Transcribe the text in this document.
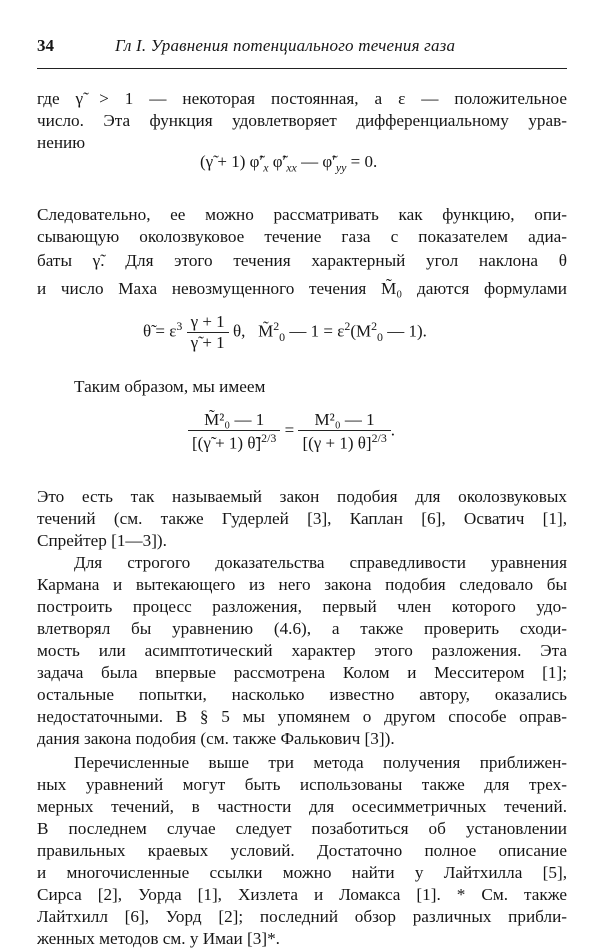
34	Гл I. Уравнения потенциального течения газа
где γ̃ > 1 — некоторая постоянная, а ε — положительное
число. Эта функция удовлетворяет дифференциальному урав-
нению
(γ̃ + 1) $\varphĩ'_x$ $\varphĩ'_{xx}$ — $\varphĩ'_{yy} = 0$.
Следовательно, ее можно рассматривать как функцию, опи-
сывающую околозвуковое течение газа с показателем адиа-
баты γ̃. Для этого течения характерный угол наклона θ̃
и число Маха невозмущенного течения M̃₀ даются формулами
θ̃ = $\varepsilon^3 \frac{\gamma + 1}{\gammã + 1} \theta$, M̃$^2_0$ — $1 = \varepsilon^2(M^2_0$ — 1).
Таким образом, мы имеем
$\frac{\text{M̃²₀ — 1}}{[(\gammã + 1) \thetã]^{2/3}} = \frac{\text{M²₀ — 1}}{[(\gamma + 1) \theta]^{2/3}}$ .
Это есть так называемый закон подобия для околозвуковых
течений (см. также Гудерлей [3], Каплан [6], Осватич [1],
Спрейтер [1—3]).
Для строгого доказательства справедливости уравнения
Кармана и вытекающего из него закона подобия следовало бы
построить процесс разложения, первый член которого удо-
влетворял бы уравнению (4.6), а также проверить сходи-
мость или асимптотический характер этого разложения. Эта
задача была впервые рассмотрена Колом и Месситером [1];
остальные попытки, насколько известно автору, оказались
недостаточными. В § 5 мы упомянем о другом способе оправ-
дания закона подобия (см. также Фалькович [3]).
Перечисленные выше три метода получения приближен-
ных уравнений могут быть использованы также для трех-
мерных течений, в частности для осесимметричных течений.
В последнем случае следует позаботиться об установлении
правильных краевых условий. Достаточно полное описание
и многочисленные ссылки можно найти у Лайтхилла [5],
Сирса [2], Уорда [1], Хизлета и Ломакса [1]. * См. также
Лайтхилл [6], Уорд [2]; последний обзор различных прибли-
женных методов см. у Имаи [3]*.
